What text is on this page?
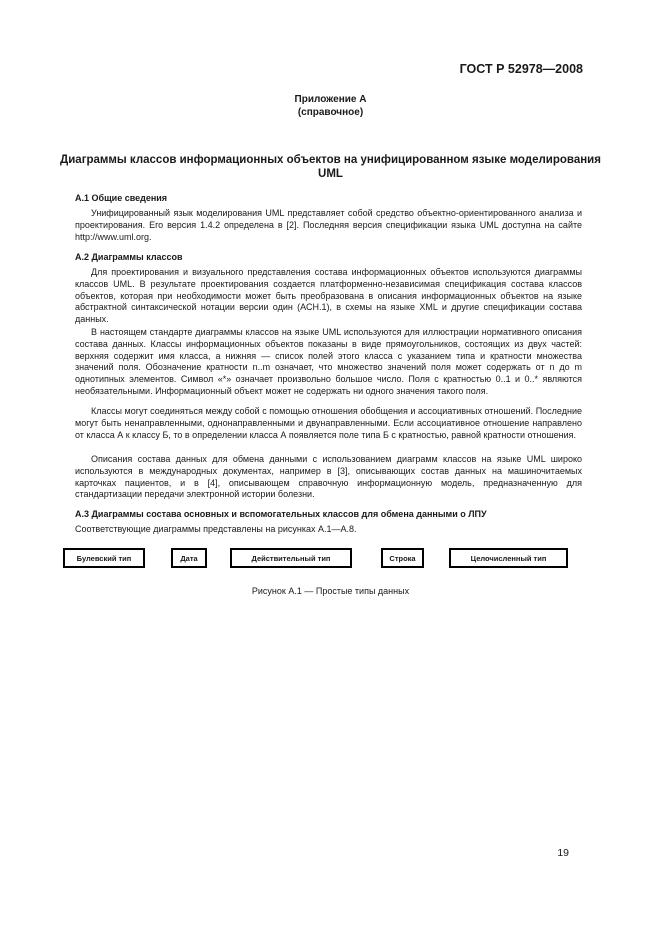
ГОСТ Р 52978—2008
Приложение А
(справочное)
Диаграммы классов информационных объектов на унифицированном языке моделирования UML
А.1 Общие сведения

Унифицированный язык моделирования UML представляет собой средство объектно-ориентированного анализа и проектирования. Его версия 1.4.2 определена в [2]. Последняя версия спецификации языка UML доступна на сайте http://www.uml.org.

А.2 Диаграммы классов

Для проектирования и визуального представления состава информационных объектов используются диаграммы классов UML. В результате проектирования создается платформенно-независимая спецификация состава классов объектов, которая при необходимости может быть преобразована в описания информационных объектов на языке абстрактной синтаксической нотации версии один (АСН.1), в схемы на языке XML и другие спецификации состава данных.

В настоящем стандарте диаграммы классов на языке UML используются для иллюстрации нормативного описания состава данных. Классы информационных объектов показаны в виде прямоугольников, состоящих из двух частей: верхняя содержит имя класса, а нижняя — список полей этого класса с указанием типа и кратности множества значений поля. Обозначение кратности n..m означает, что множество значений поля может содержать от n до m однотипных элементов. Символ «*» означает произвольно большое число. Поля с кратностью 0..1 и 0..* являются необязательными. Информационный объект может не содержать ни одного значения такого поля.

Классы могут соединяться между собой с помощью отношения обобщения и ассоциативных отношений. Последние могут быть ненаправленными, однонаправленными и двунаправленными. Если ассоциативное отношение направлено от класса А к классу Б, то в определении класса А появляется поле типа Б с кратностью, равной кратности отношения.

Описания состава данных для обмена данными с использованием диаграмм классов на языке UML широко используются в международных документах, например в [3], описывающих состав данных на машиночитаемых карточках пациентов, и в [4], описывающем справочную информационную модель, предназначенную для стандартизации передачи электронной истории болезни.

А.3 Диаграммы состава основных и вспомогательных классов для обмена данными о ЛПУ

Соответствующие диаграммы представлены на рисунках А.1—А.8.

Булевский тип	Дата	Действительный тип	Строка	Целочисленный тип
Рисунок А.1 — Простые типы данных
19
